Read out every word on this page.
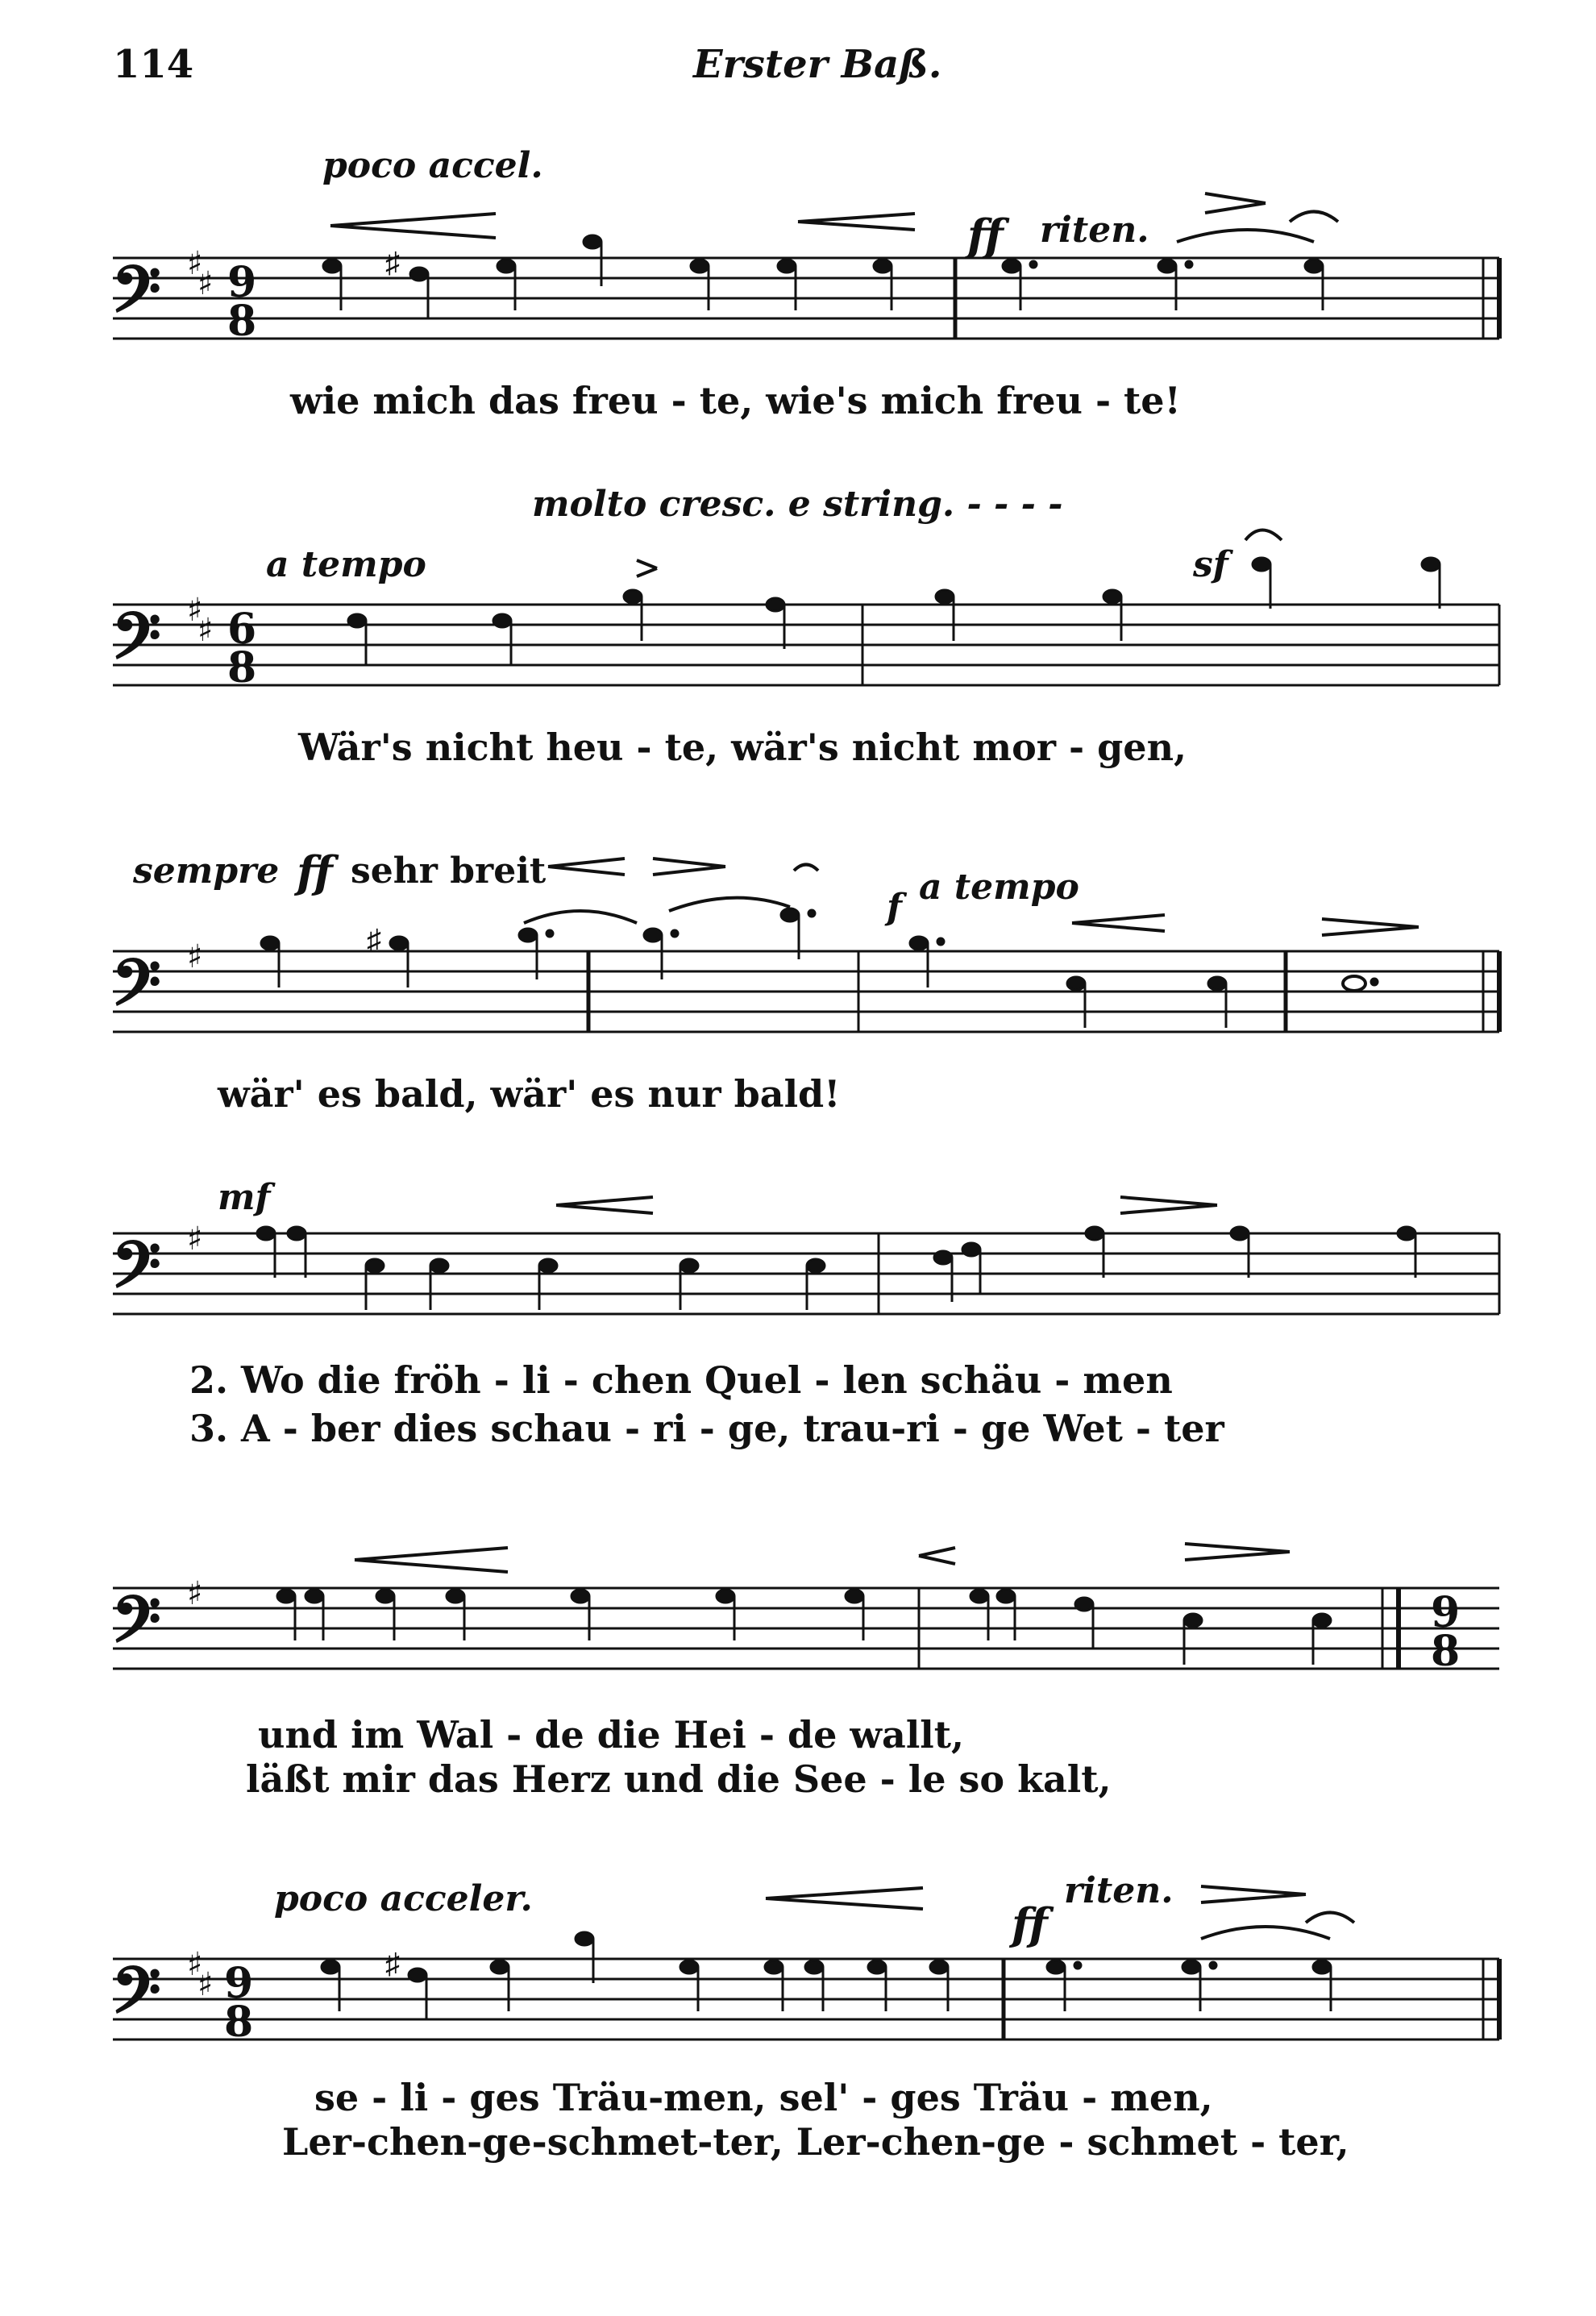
114	Erster Baß.
poco accel.
ff riten.
𝄢 ♯
♯ 9
8
♯
wie mich das freu - te, wie's mich freu - te!
molto cresc. e string. - - - -
a tempo	sf
𝄢 ♯
♯ 6
8
Wär's nicht heu - te, wär's nicht mor - gen,
sempre ff sehr breit
f a tempo
𝄢 ♯	♯
wär' es bald, wär' es nur bald!
mf
𝄢 ♯
2. Wo die fröh - li - chen Quel - len schäu - men
3. A - ber dies schau - ri - ge, trau-ri - ge Wet - ter
𝄢 ♯	9
8
und im Wal - de die Hei - de wallt,
läßt mir das Herz und die See - le so kalt,
poco acceler.	ff
riten.
𝄢 ♯
♯ 9
8
♯
se - li - ges Träu-men, sel' - ges Träu - men,
Ler-chen-ge-schmet-ter, Ler-chen-ge - schmet - ter,
